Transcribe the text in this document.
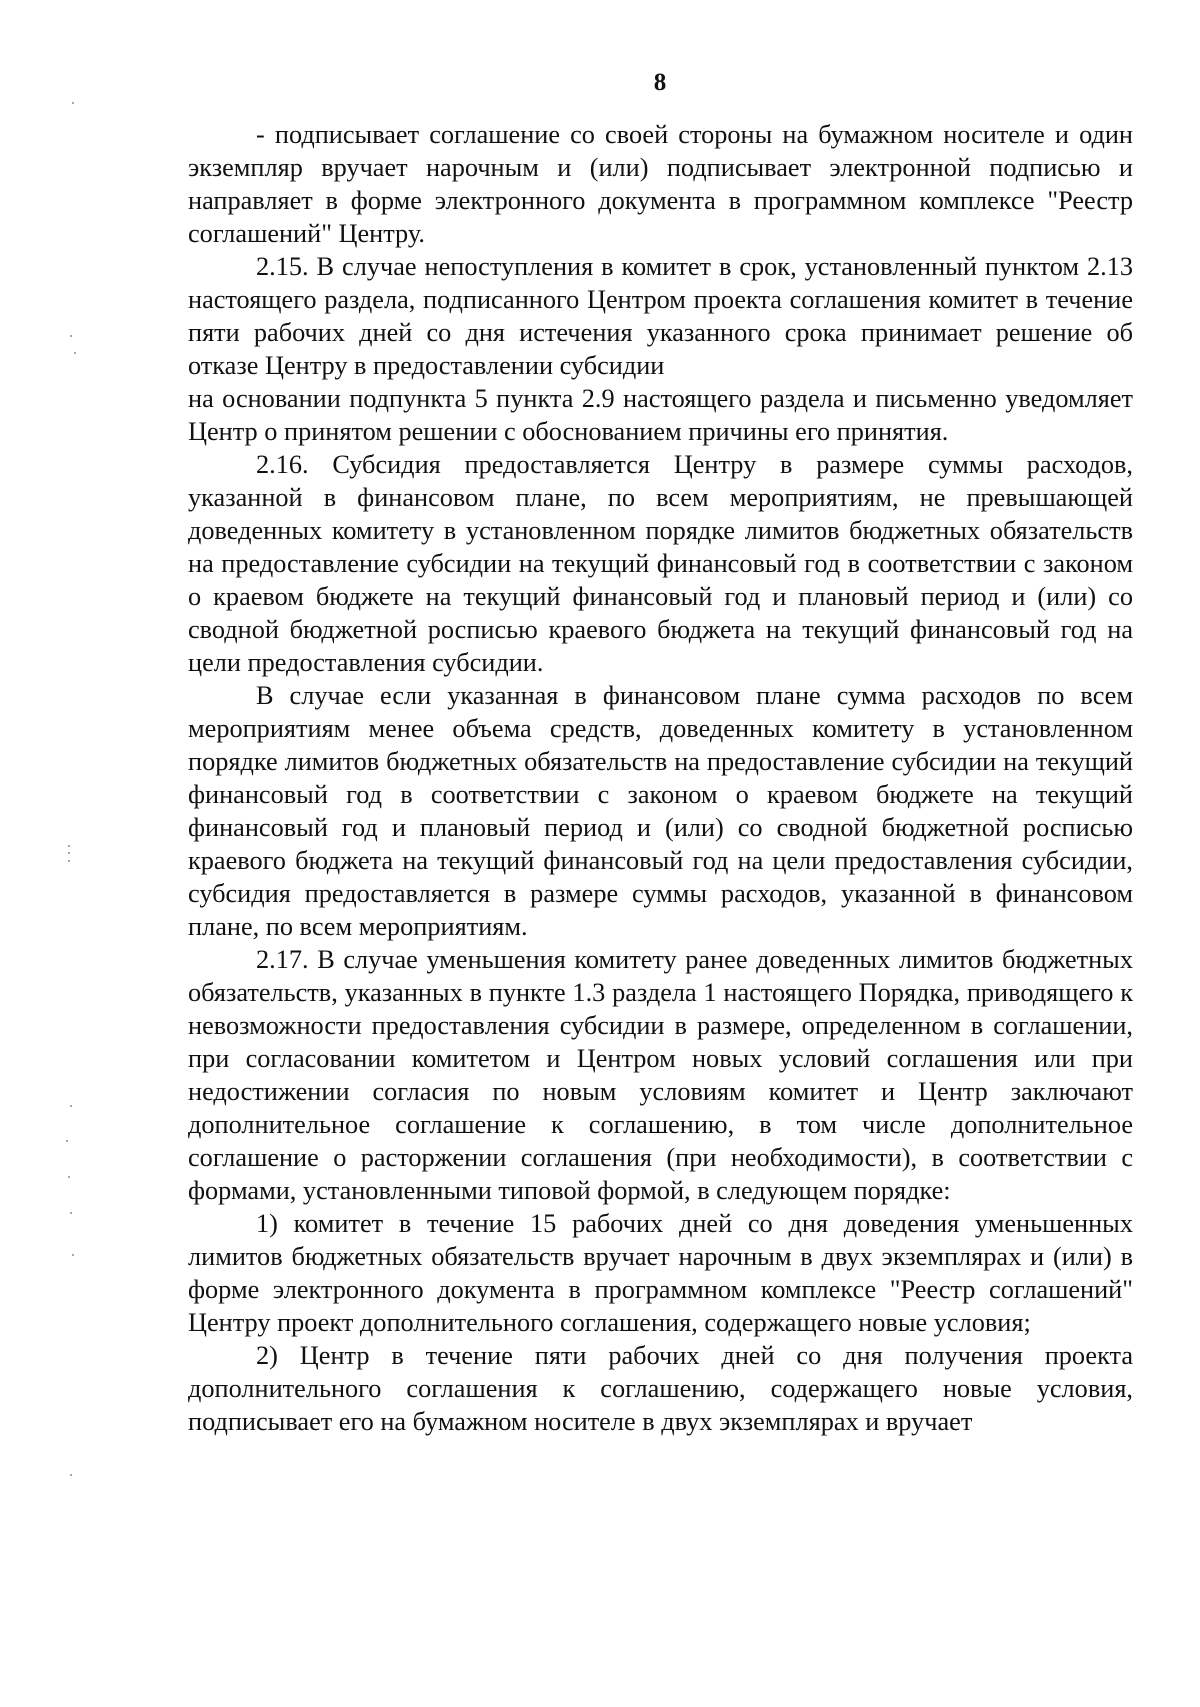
8

- подписывает соглашение со своей стороны на бумажном носителе и один экземпляр вручает нарочным и (или) подписывает электронной подписью и направляет в форме электронного документа в программном комплексе "Реестр соглашений" Центру.

2.15. В случае непоступления в комитет в срок, установленный пунктом 2.13 настоящего раздела, подписанного Центром проекта соглашения комитет в течение пяти рабочих дней со дня истечения указанного срока принимает решение об отказе Центру в предоставлении субсидии

на основании подпункта 5 пункта 2.9 настоящего раздела и письменно уведомляет Центр о принятом решении с обоснованием причины его принятия.

2.16. Субсидия предоставляется Центру в размере суммы расходов, указанной в финансовом плане, по всем мероприятиям, не превышающей доведенных комитету в установленном порядке лимитов бюджетных обязательств на предоставление субсидии на текущий финансовый год в соответствии с законом о краевом бюджете на текущий финансовый год и плановый период и (или) со сводной бюджетной росписью краевого бюджета на текущий финансовый год на цели предоставления субсидии.

В случае если указанная в финансовом плане сумма расходов по всем мероприятиям менее объема средств, доведенных комитету в установленном порядке лимитов бюджетных обязательств на предоставление субсидии на текущий финансовый год в соответствии с законом о краевом бюджете на текущий финансовый год и плановый период и (или) со сводной бюджетной росписью краевого бюджета на текущий финансовый год на цели предоставления субсидии, субсидия предоставляется в размере суммы расходов, указанной в финансовом плане, по всем мероприятиям.

2.17. В случае уменьшения комитету ранее доведенных лимитов бюджетных обязательств, указанных в пункте 1.3 раздела 1 настоящего Порядка, приводящего к невозможности предоставления субсидии в размере, определенном в соглашении, при согласовании комитетом и Центром новых условий соглашения или при недостижении согласия по новым условиям комитет и Центр заключают дополнительное соглашение к соглашению, в том числе дополнительное соглашение о расторжении соглашения (при необходимости), в соответствии с формами, установленными типовой формой, в следующем порядке:

1) комитет в течение 15 рабочих дней со дня доведения уменьшенных лимитов бюджетных обязательств вручает нарочным в двух экземплярах и (или) в форме электронного документа в программном комплексе "Реестр соглашений" Центру проект дополнительного соглашения, содержащего новые условия;

2) Центр в течение пяти рабочих дней со дня получения проекта дополнительного соглашения к соглашению, содержащего новые условия, подписывает его на бумажном носителе в двух экземплярах и вручает
